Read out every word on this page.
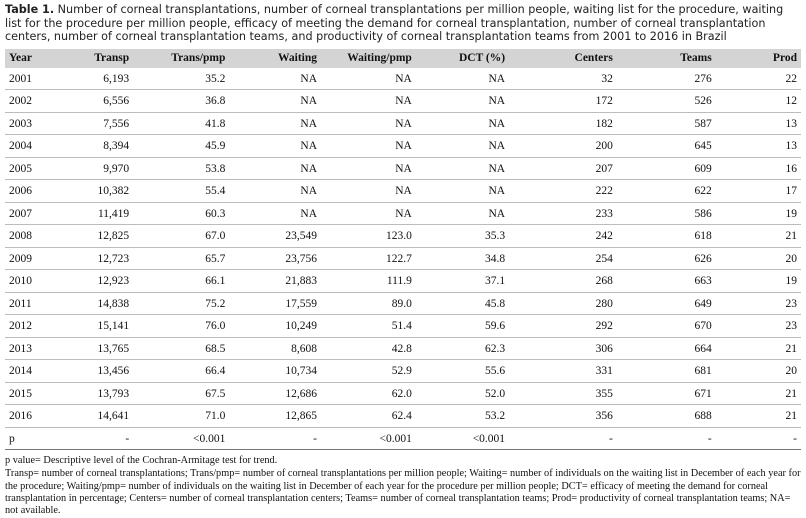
Table 1. Number of corneal transplantations, number of corneal transplantations per million people, waiting list for the procedure, waiting list for the procedure per million people, efficacy of meeting the demand for corneal transplantation, number of corneal transplantation centers, number of corneal transplantation teams, and productivity of corneal transplantation teams from 2001 to 2016 in Brazil

Year	Transp	Trans/pmp	Waiting	Waiting/pmp	DCT (%)	Centers	Teams	Prod
2001	6,193	35.2	NA	NA	NA	32	276	22
2002	6,556	36.8	NA	NA	NA	172	526	12
2003	7,556	41.8	NA	NA	NA	182	587	13
2004	8,394	45.9	NA	NA	NA	200	645	13
2005	9,970	53.8	NA	NA	NA	207	609	16
2006	10,382	55.4	NA	NA	NA	222	622	17
2007	11,419	60.3	NA	NA	NA	233	586	19
2008	12,825	67.0	23,549	123.0	35.3	242	618	21
2009	12,723	65.7	23,756	122.7	34.8	254	626	20
2010	12,923	66.1	21,883	111.9	37.1	268	663	19
2011	14,838	75.2	17,559	89.0	45.8	280	649	23
2012	15,141	76.0	10,249	51.4	59.6	292	670	23
2013	13,765	68.5	8,608	42.8	62.3	306	664	21
2014	13,456	66.4	10,734	52.9	55.6	331	681	20
2015	13,793	67.5	12,686	62.0	52.0	355	671	21
2016	14,641	71.0	12,865	62.4	53.2	356	688	21
p	-	<0.001	-	<0.001	<0.001	-	-	-

p value= Descriptive level of the Cochran-Armitage test for trend.

Transp= number of corneal transplantations; Trans/pmp= number of corneal transplantations per million people; Waiting= number of individuals on the waiting list in December of each year for the procedure; Waiting/pmp= number of individuals on the waiting list in December of each year for the procedure per million people; DCT= efficacy of meeting the demand for corneal transplantation in percentage; Centers= number of corneal transplantation centers; Teams= number of corneal transplantation teams; Prod= productivity of corneal transplantation teams; NA= not available.
